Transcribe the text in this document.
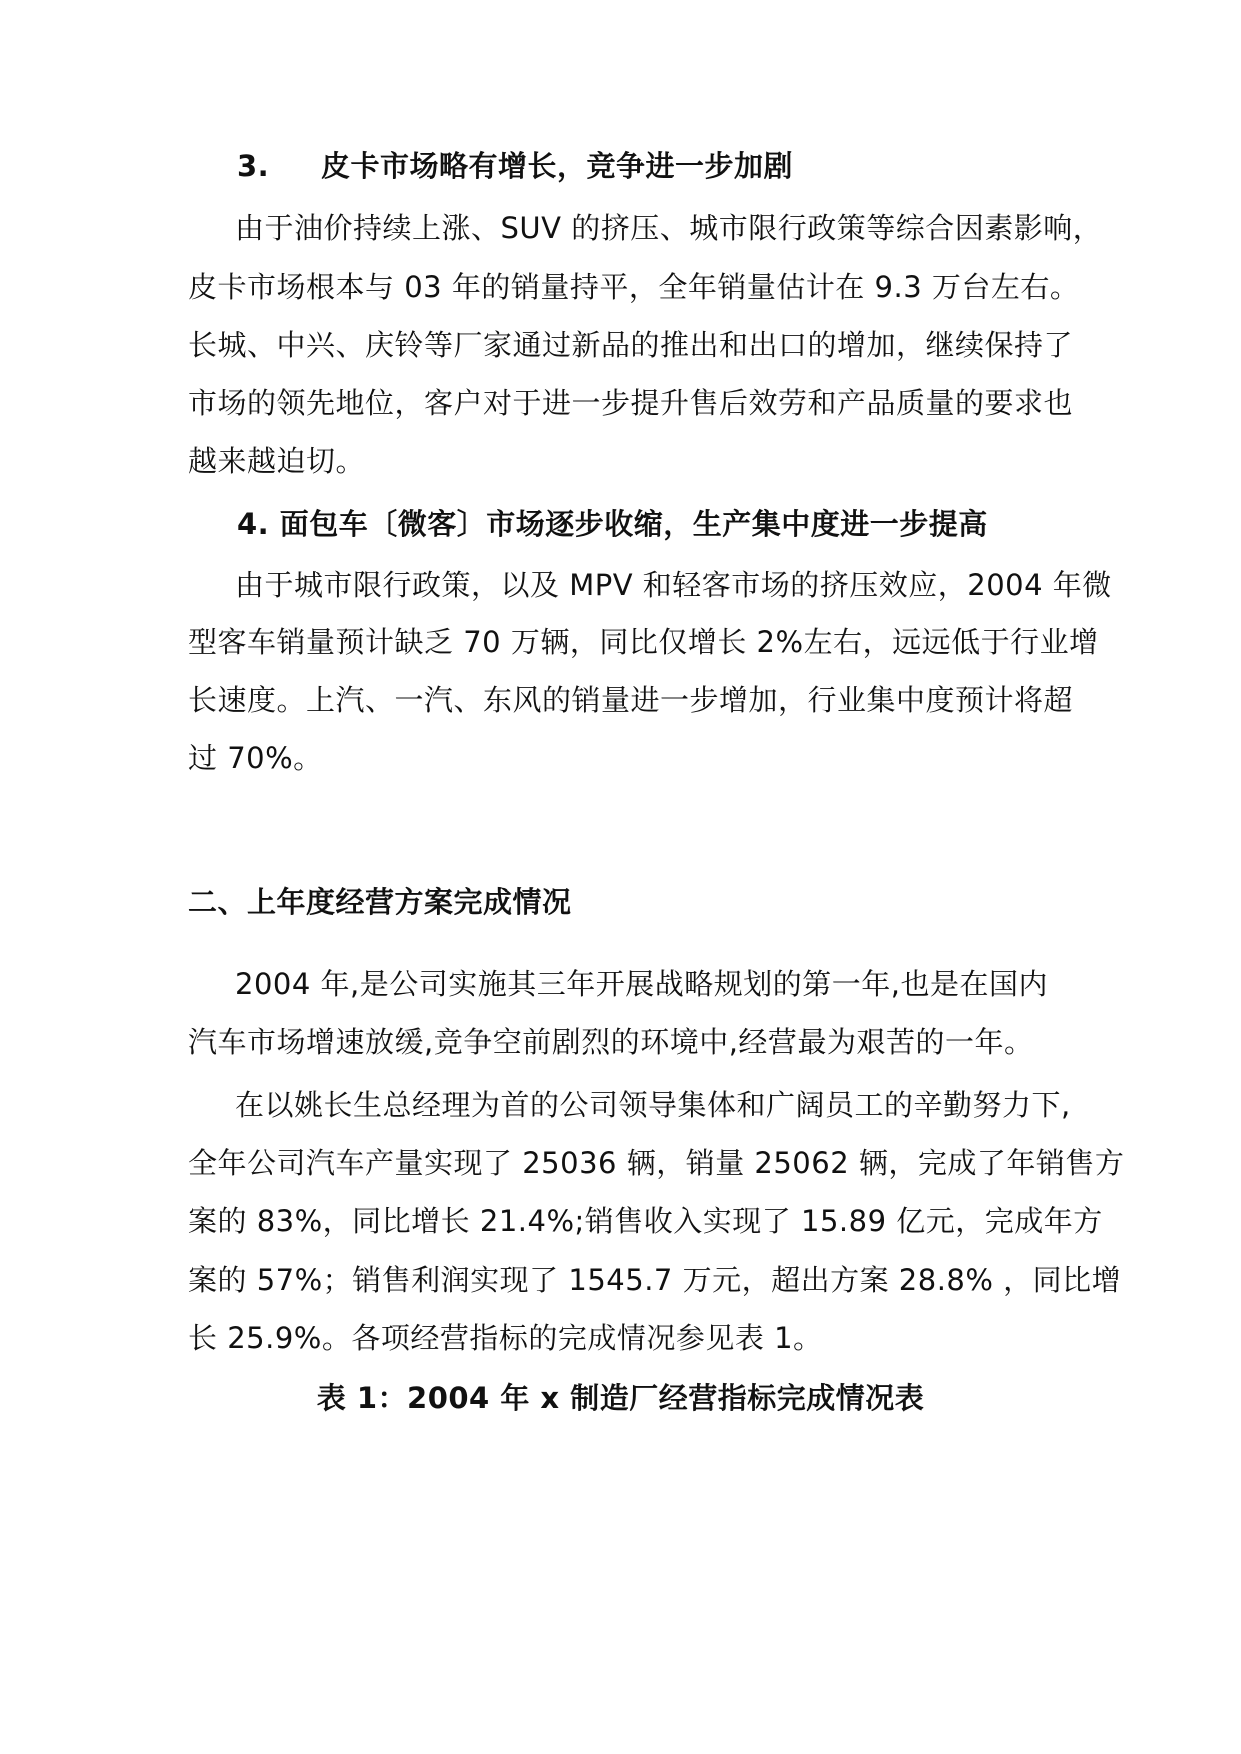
3. 皮卡市场略有增长，竞争进一步加剧
由于油价持续上涨、SUV 的挤压、城市限行政策等综合因素影响，
皮卡市场根本与 03 年的销量持平，全年销量估计在 9.3 万台左右。
长城、中兴、庆铃等厂家通过新品的推出和出口的增加，继续保持了
市场的领先地位，客户对于进一步提升售后效劳和产品质量的要求也
越来越迫切。
4. 面包车〔微客〕市场逐步收缩，生产集中度进一步提高
由于城市限行政策，以及 MPV 和轻客市场的挤压效应，2004 年微
型客车销量预计缺乏 70 万辆，同比仅增长 2%左右，远远低于行业增
长速度。上汽、一汽、东风的销量进一步增加，行业集中度预计将超
过 70%。
二、上年度经营方案完成情况
2004 年,是公司实施其三年开展战略规划的第一年,也是在国内
汽车市场增速放缓,竞争空前剧烈的环境中,经营最为艰苦的一年。
在以姚长生总经理为首的公司领导集体和广阔员工的辛勤努力下,
全年公司汽车产量实现了 25036 辆，销量 25062 辆，完成了年销售方
案的 83%，同比增长 21.4%;销售收入实现了 15.89 亿元，完成年方
案的 57%；销售利润实现了 1545.7 万元，超出方案 28.8% ，同比增
长 25.9%。各项经营指标的完成情况参见表 1。
表 1：2004 年 x 制造厂经营指标完成情况表
